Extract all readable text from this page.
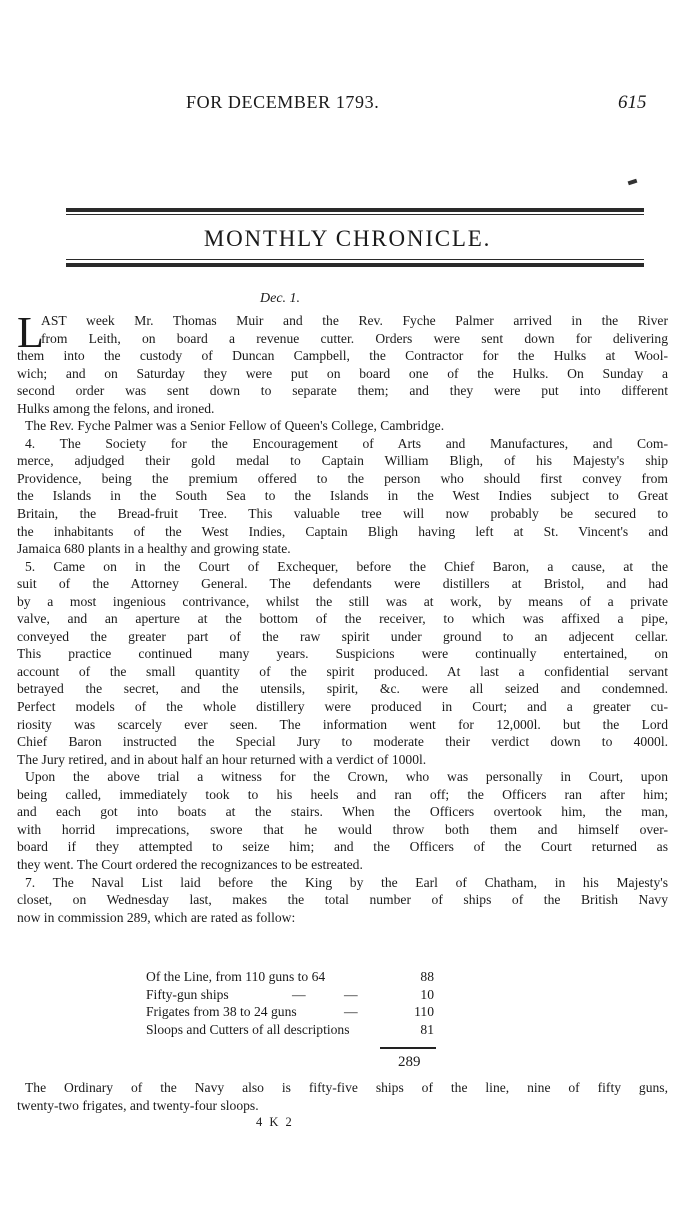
FOR DECEMBER 1793.	615
MONTHLY CHRONICLE.
Dec. 1.
L
AST week Mr. Thomas Muir and the Rev. Fyche Palmer arrived in the River
from Leith, on board a revenue cutter. Orders were sent down for delivering
them into the custody of Duncan Campbell, the Contractor for the Hulks at Wool-
wich; and on Saturday they were put on board one of the Hulks. On Sunday a
second order was sent down to separate them; and they were put into different
Hulks among the felons, and ironed.
The Rev. Fyche Palmer was a Senior Fellow of Queen's College, Cambridge.
4. The Society for the Encouragement of Arts and Manufactures, and Com-
merce, adjudged their gold medal to Captain William Bligh, of his Majesty's ship
Providence, being the premium offered to the person who should first convey from
the Islands in the South Sea to the Islands in the West Indies subject to Great
Britain, the Bread-fruit Tree. This valuable tree will now probably be secured to
the inhabitants of the West Indies, Captain Bligh having left at St. Vincent's and
Jamaica 680 plants in a healthy and growing state.
5. Came on in the Court of Exchequer, before the Chief Baron, a cause, at the
suit of the Attorney General. The defendants were distillers at Bristol, and had
by a most ingenious contrivance, whilst the still was at work, by means of a private
valve, and an aperture at the bottom of the receiver, to which was affixed a pipe,
conveyed the greater part of the raw spirit under ground to an adjecent cellar.
This practice continued many years. Suspicions were continually entertained, on
account of the small quantity of the spirit produced. At last a confidential servant
betrayed the secret, and the utensils, spirit, &c. were all seized and condemned.
Perfect models of the whole distillery were produced in Court; and a greater cu-
riosity was scarcely ever seen. The information went for 12,000l. but the Lord
Chief Baron instructed the Special Jury to moderate their verdict down to 4000l.
The Jury retired, and in about half an hour returned with a verdict of 1000l.
Upon the above trial a witness for the Crown, who was personally in Court, upon
being called, immediately took to his heels and ran off; the Officers ran after him;
and each got into boats at the stairs. When the Officers overtook him, the man,
with horrid imprecations, swore that he would throw both them and himself over-
board if they attempted to seize him; and the Officers of the Court returned as
they went. The Court ordered the recognizances to be estreated.
7. The Naval List laid before the King by the Earl of Chatham, in his Majesty's
closet, on Wednesday last, makes the total number of ships of the British Navy
now in commission 289, which are rated as follow:
Of the Line, from 110 guns to 64	88
Fifty-gun ships	—	—	10
Frigates from 38 to 24 guns	—	110
Sloops and Cutters of all descriptions	81
289
The Ordinary of the Navy also is fifty-five ships of the line, nine of fifty guns,
twenty-two frigates, and twenty-four sloops.
4 K 2
